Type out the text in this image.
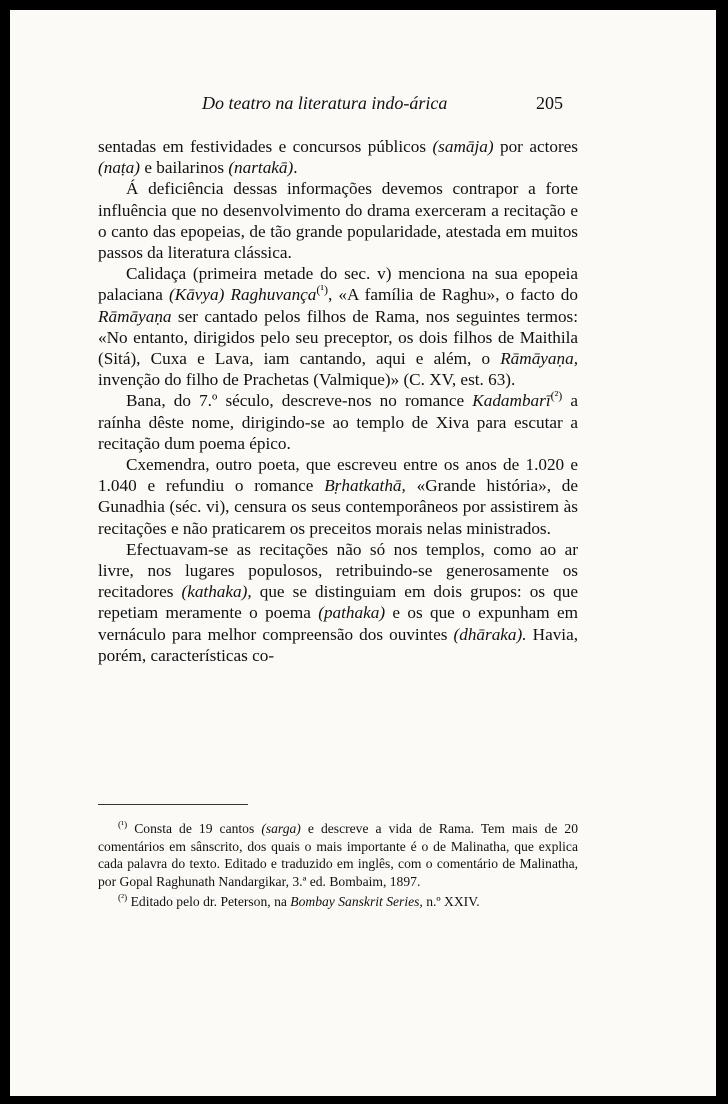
Do teatro na literatura indo-árica	205

sentadas em festividades e concursos públicos (samāja) por actores (naṭa) e bailarinos (nartakā).

Á deficiência dessas informações devemos contrapor a forte influência que no desenvolvimento do drama exerceram a recitação e o canto das epopeias, de tão grande popularidade, atestada em muitos passos da literatura clássica.

Calidaça (primeira metade do sec. v) menciona na sua epopeia palaciana (Kāvya) Raghuvança$^{(^1)}$, «A família de Raghu», o facto do Rāmāyaṇa ser cantado pelos filhos de Rama, nos seguintes termos: «No entanto, dirigidos pelo seu preceptor, os dois filhos de Maithila (Sitá), Cuxa e Lava, iam cantando, aqui e além, o Rāmāyaṇa, invenção do filho de Prachetas (Valmique)» (C. XV, est. 63).

Bana, do 7.º século, descreve-nos no romance Kadambarī$^{(^2)}$ a raínha dêste nome, dirigindo-se ao templo de Xiva para escutar a recitação dum poema épico.

Cxemendra, outro poeta, que escreveu entre os anos de 1.020 e 1.040 e refundiu o romance Bṛhatkathā, «Grande história», de Gunadhia (séc. vi), censura os seus contemporâneos por assistirem às recitações e não praticarem os preceitos morais nelas ministrados.

Efectuavam-se as recitações não só nos templos, como ao ar livre, nos lugares populosos, retribuindo-se generosamente os recitadores (kathaka), que se distinguiam em dois grupos: os que repetiam meramente o poema (pathaka) e os que o expunham em vernáculo para melhor compreensão dos ouvintes (dhāraka). Havia, porém, características co-

$^{(^1)}$ Consta de 19 cantos (sarga) e descreve a vida de Rama. Tem mais de 20 comentários em sânscrito, dos quais o mais importante é o de Malinatha, que explica cada palavra do texto. Editado e traduzido em inglês, com o comentário de Malinatha, por Gopal Raghunath Nandargikar, 3.ª ed. Bombaim, 1897.

$^{(^2)}$ Editado pelo dr. Peterson, na Bombay Sanskrit Series, n.º XXIV.
